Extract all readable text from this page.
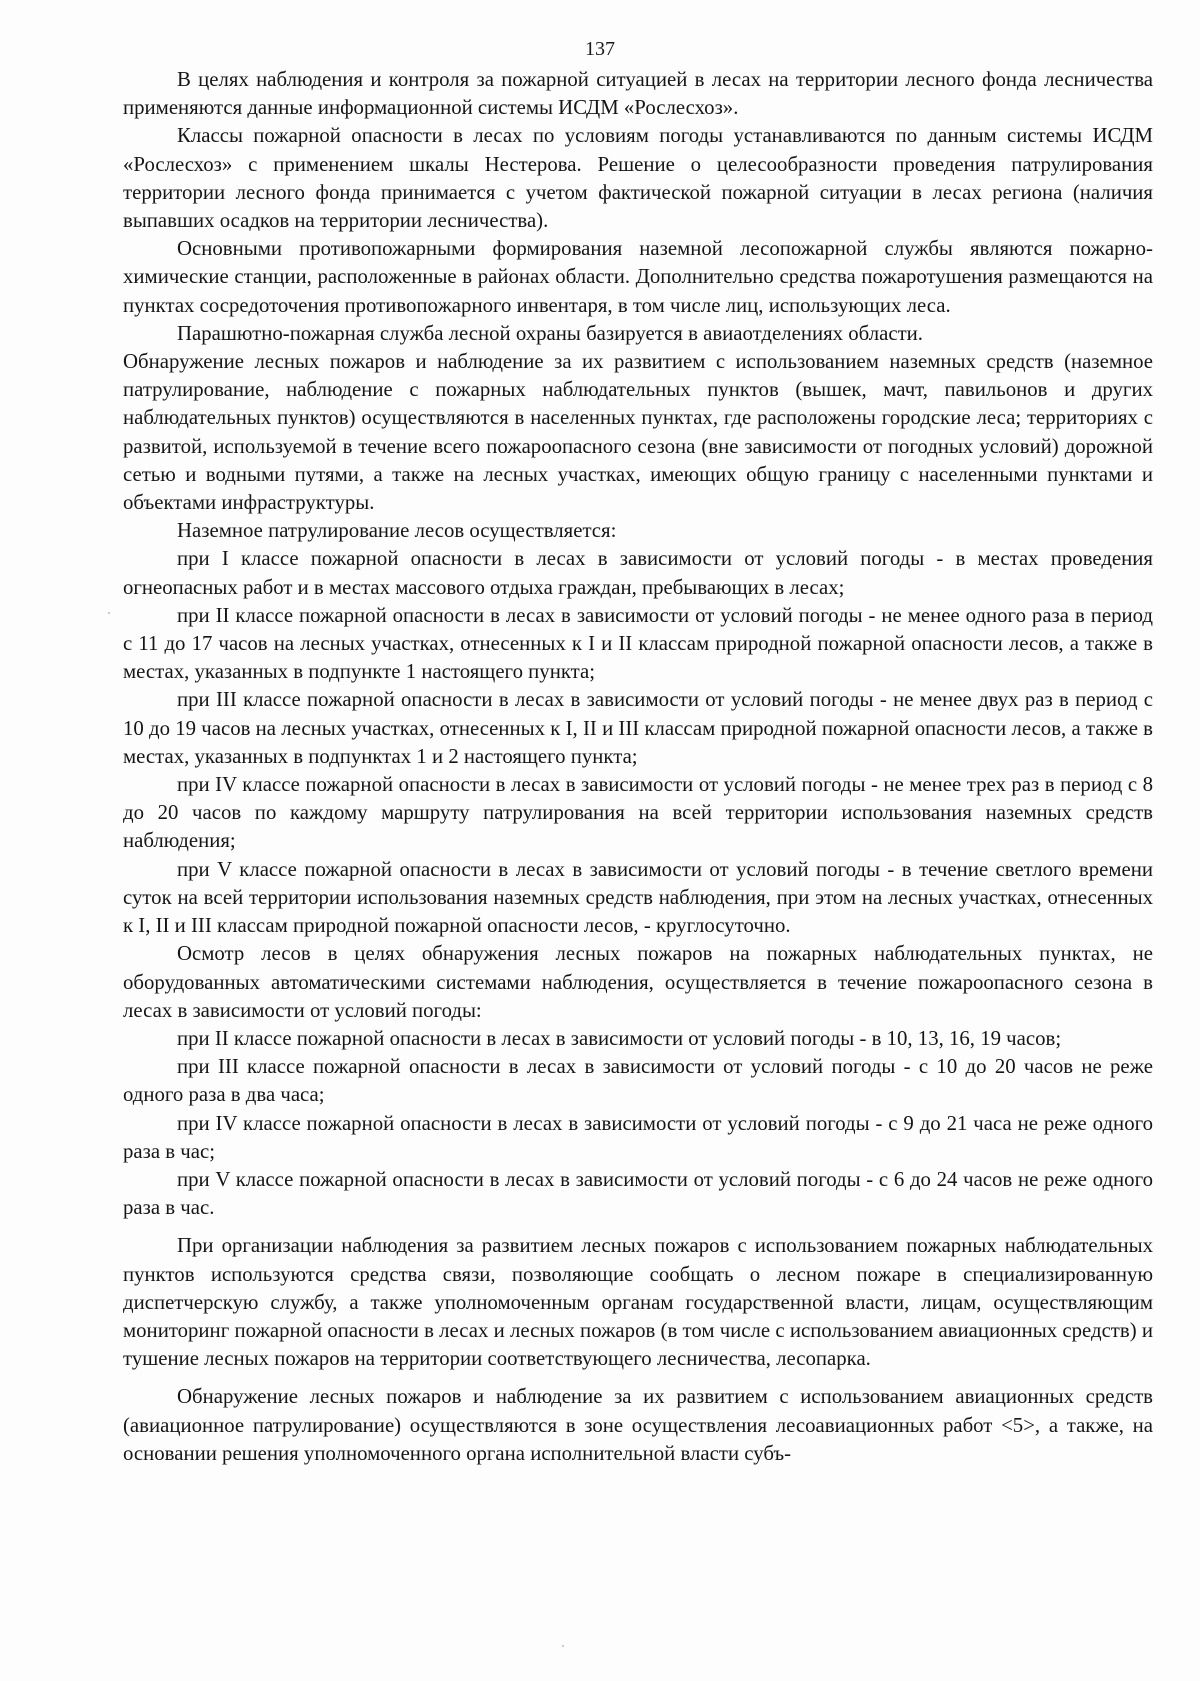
137

В целях наблюдения и контроля за пожарной ситуацией в лесах на территории лесного фонда лесничества применяются данные информационной системы ИСДМ «Рослесхоз».

Классы пожарной опасности в лесах по условиям погоды устанавливаются по данным системы ИСДМ «Рослесхоз» с применением шкалы Нестерова. Решение о целесообразности проведения патрулирования территории лесного фонда принимается с учетом фактической пожарной ситуации в лесах региона (наличия выпавших осадков на территории лесничества).

Основными противопожарными формирования наземной лесопожарной службы являются пожарно-химические станции, расположенные в районах области. Дополнительно средства пожаротушения размещаются на пунктах сосредоточения противопожарного инвентаря, в том числе лиц, использующих леса.

Парашютно-пожарная служба лесной охраны базируется в авиаотделениях области.

Обнаружение лесных пожаров и наблюдение за их развитием с использованием наземных средств (наземное патрулирование, наблюдение с пожарных наблюдательных пунктов (вышек, мачт, павильонов и других наблюдательных пунктов) осуществляются в населенных пунктах, где расположены городские леса; территориях с развитой, используемой в течение всего пожароопасного сезона (вне зависимости от погодных условий) дорожной сетью и водными путями, а также на лесных участках, имеющих общую границу с населенными пунктами и объектами инфраструктуры.

Наземное патрулирование лесов осуществляется:

при I классе пожарной опасности в лесах в зависимости от условий погоды - в местах проведения огнеопасных работ и в местах массового отдыха граждан, пребывающих в лесах;

при II классе пожарной опасности в лесах в зависимости от условий погоды - не менее одного раза в период с 11 до 17 часов на лесных участках, отнесенных к I и II классам природной пожарной опасности лесов, а также в местах, указанных в подпункте 1 настоящего пункта;

при III классе пожарной опасности в лесах в зависимости от условий погоды - не менее двух раз в период с 10 до 19 часов на лесных участках, отнесенных к I, II и III классам природной пожарной опасности лесов, а также в местах, указанных в подпунктах 1 и 2 настоящего пункта;

при IV классе пожарной опасности в лесах в зависимости от условий погоды - не менее трех раз в период с 8 до 20 часов по каждому маршруту патрулирования на всей территории использования наземных средств наблюдения;

при V классе пожарной опасности в лесах в зависимости от условий погоды - в течение светлого времени суток на всей территории использования наземных средств наблюдения, при этом на лесных участках, отнесенных к I, II и III классам природной пожарной опасности лесов, - круглосуточно.

Осмотр лесов в целях обнаружения лесных пожаров на пожарных наблюдательных пунктах, не оборудованных автоматическими системами наблюдения, осуществляется в течение пожароопасного сезона в лесах в зависимости от условий погоды:

при II классе пожарной опасности в лесах в зависимости от условий погоды - в 10, 13, 16, 19 часов;

при III классе пожарной опасности в лесах в зависимости от условий погоды - с 10 до 20 часов не реже одного раза в два часа;

при IV классе пожарной опасности в лесах в зависимости от условий погоды - с 9 до 21 часа не реже одного раза в час;

при V классе пожарной опасности в лесах в зависимости от условий погоды - с 6 до 24 часов не реже одного раза в час.

При организации наблюдения за развитием лесных пожаров с использованием пожарных наблюдательных пунктов используются средства связи, позволяющие сообщать о лесном пожаре в специализированную диспетчерскую службу, а также уполномоченным органам государственной власти, лицам, осуществляющим мониторинг пожарной опасности в лесах и лесных пожаров (в том числе с использованием авиационных средств) и тушение лесных пожаров на территории соответствующего лесничества, лесопарка.

Обнаружение лесных пожаров и наблюдение за их развитием с использованием авиационных средств (авиационное патрулирование) осуществляются в зоне осуществления лесоавиационных работ <5>, а также, на основании решения уполномоченного органа исполнительной власти субъ-
